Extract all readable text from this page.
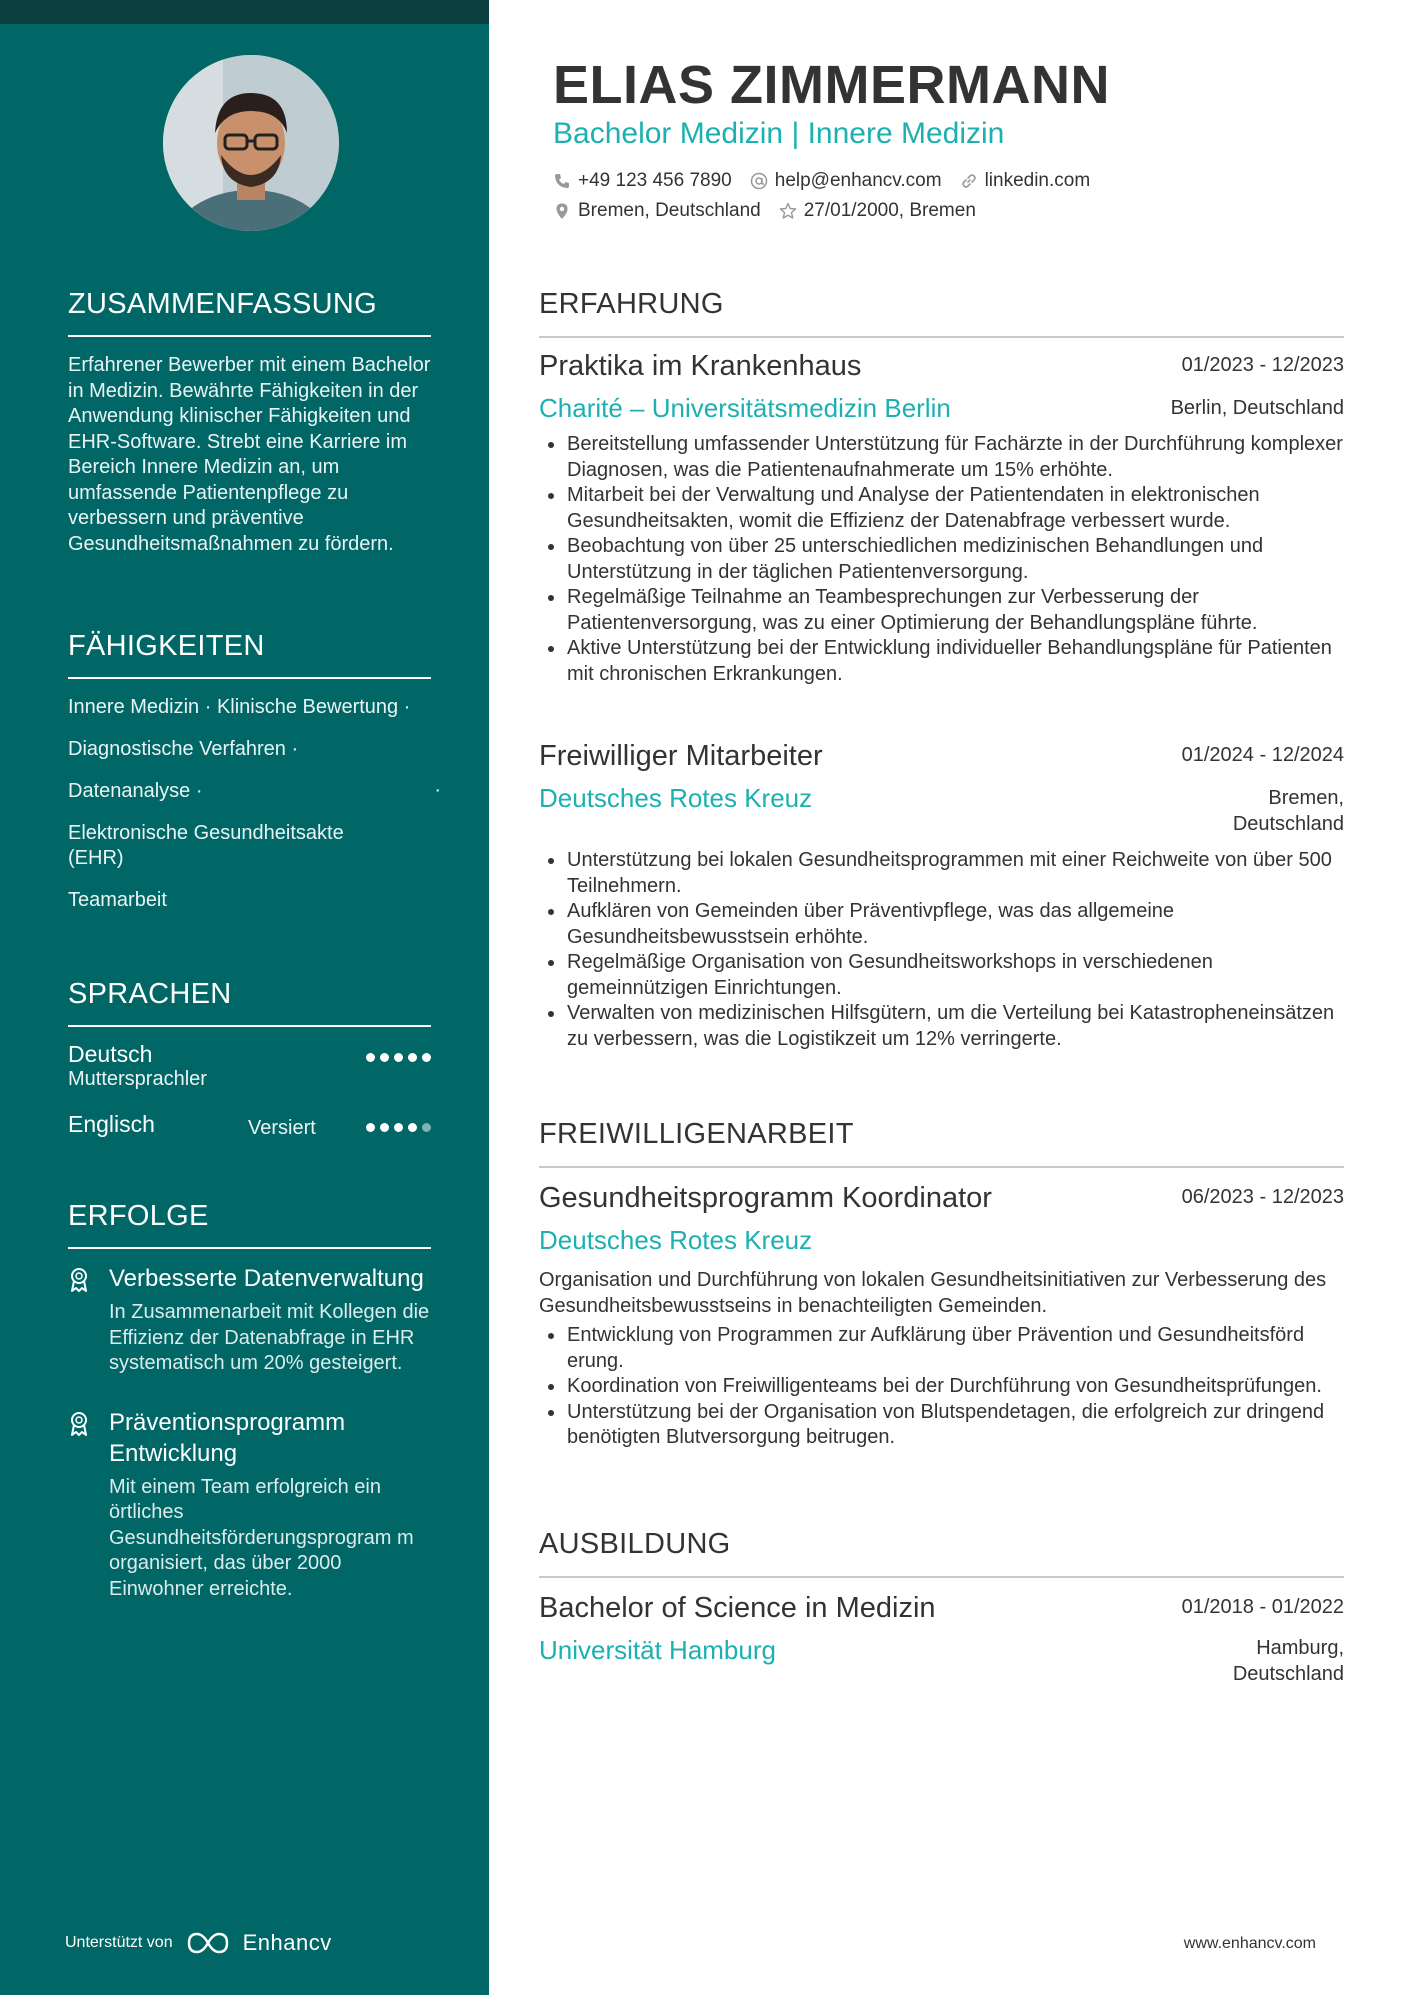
ZUSAMMENFASSUNG
Erfahrener Bewerber mit einem Bachelor in Medizin. Bewährte Fähigkeiten in der Anwendung klinischer Fähigkeiten und EHR-Software. Strebt eine Karriere im Bereich Innere Medizin an, um umfassende Patientenpflege zu verbessern und präventive Gesundheitsmaßnahmen zu fördern.
FÄHIGKEITEN
Innere Medizin · Klinische Bewertung ·
Diagnostische Verfahren ·
Datenanalyse ·
Elektronische Gesundheitsakte (EHR)
Teamarbeit
·
SPRACHEN
Deutsch
Muttersprachler
Englisch	Versiert
ERFOLGE
Verbesserte Datenverwaltung
In Zusammenarbeit mit Kollegen die Effizienz der Datenabfrage in EHR systematisch um 20% gesteigert.
Präventionsprogramm Entwicklung
Mit einem Team erfolgreich ein örtliches Gesundheitsförderungsprogram m organisiert, das über 2000 Einwohner erreichte.
Unterstützt von	Enhancv
ELIAS ZIMMERMANN
Bachelor Medizin | Innere Medizin
+49 123 456 7890 help@enhancv.com linkedin.com
Bremen, Deutschland 27/01/2000, Bremen
ERFAHRUNG
Praktika im Krankenhaus	01/2023 - 12/2023
Charité – Universitätsmedizin Berlin	Berlin, Deutschland
Bereitstellung umfassender Unterstützung für Fachärzte in der Durchführung komplexer Diagnosen, was die Patientenaufnahmerate um 15% erhöhte.
Mitarbeit bei der Verwaltung und Analyse der Patientendaten in elektronischen Gesundheitsakten, womit die Effizienz der Datenabfrage verbessert wurde.
Beobachtung von über 25 unterschiedlichen medizinischen Behandlungen und Unterstützung in der täglichen Patientenversorgung.
Regelmäßige Teilnahme an Teambesprechungen zur Verbesserung der Patientenversorgung, was zu einer Optimierung der Behandlungspläne führte.
Aktive Unterstützung bei der Entwicklung individueller Behandlungspläne für Patienten mit chronischen Erkrankungen.
Freiwilliger Mitarbeiter	01/2024 - 12/2024
Deutsches Rotes Kreuz	Bremen,
Deutschland
Unterstützung bei lokalen Gesundheitsprogrammen mit einer Reichweite von über 500 Teilnehmern.
Aufklären von Gemeinden über Präventivpflege, was das allgemeine Gesundheitsbewusstsein erhöhte.
Regelmäßige Organisation von Gesundheitsworkshops in verschiedenen gemeinnützigen Einrichtungen.
Verwalten von medizinischen Hilfsgütern, um die Verteilung bei Katastropheneinsätzen zu verbessern, was die Logistikzeit um 12% verringerte.
FREIWILLIGENARBEIT
Gesundheitsprogramm Koordinator	06/2023 - 12/2023
Deutsches Rotes Kreuz
Organisation und Durchführung von lokalen Gesundheitsinitiativen zur Verbesserung des Gesundheitsbewusstseins in benachteiligten Gemeinden.
Entwicklung von Programmen zur Aufklärung über Prävention und Gesundheitsförd erung.
Koordination von Freiwilligenteams bei der Durchführung von Gesundheitsprüfungen.
Unterstützung bei der Organisation von Blutspendetagen, die erfolgreich zur dringend benötigten Blutversorgung beitrugen.
AUSBILDUNG
Bachelor of Science in Medizin	01/2018 - 01/2022
Universität Hamburg	Hamburg,
Deutschland
www.enhancv.com
